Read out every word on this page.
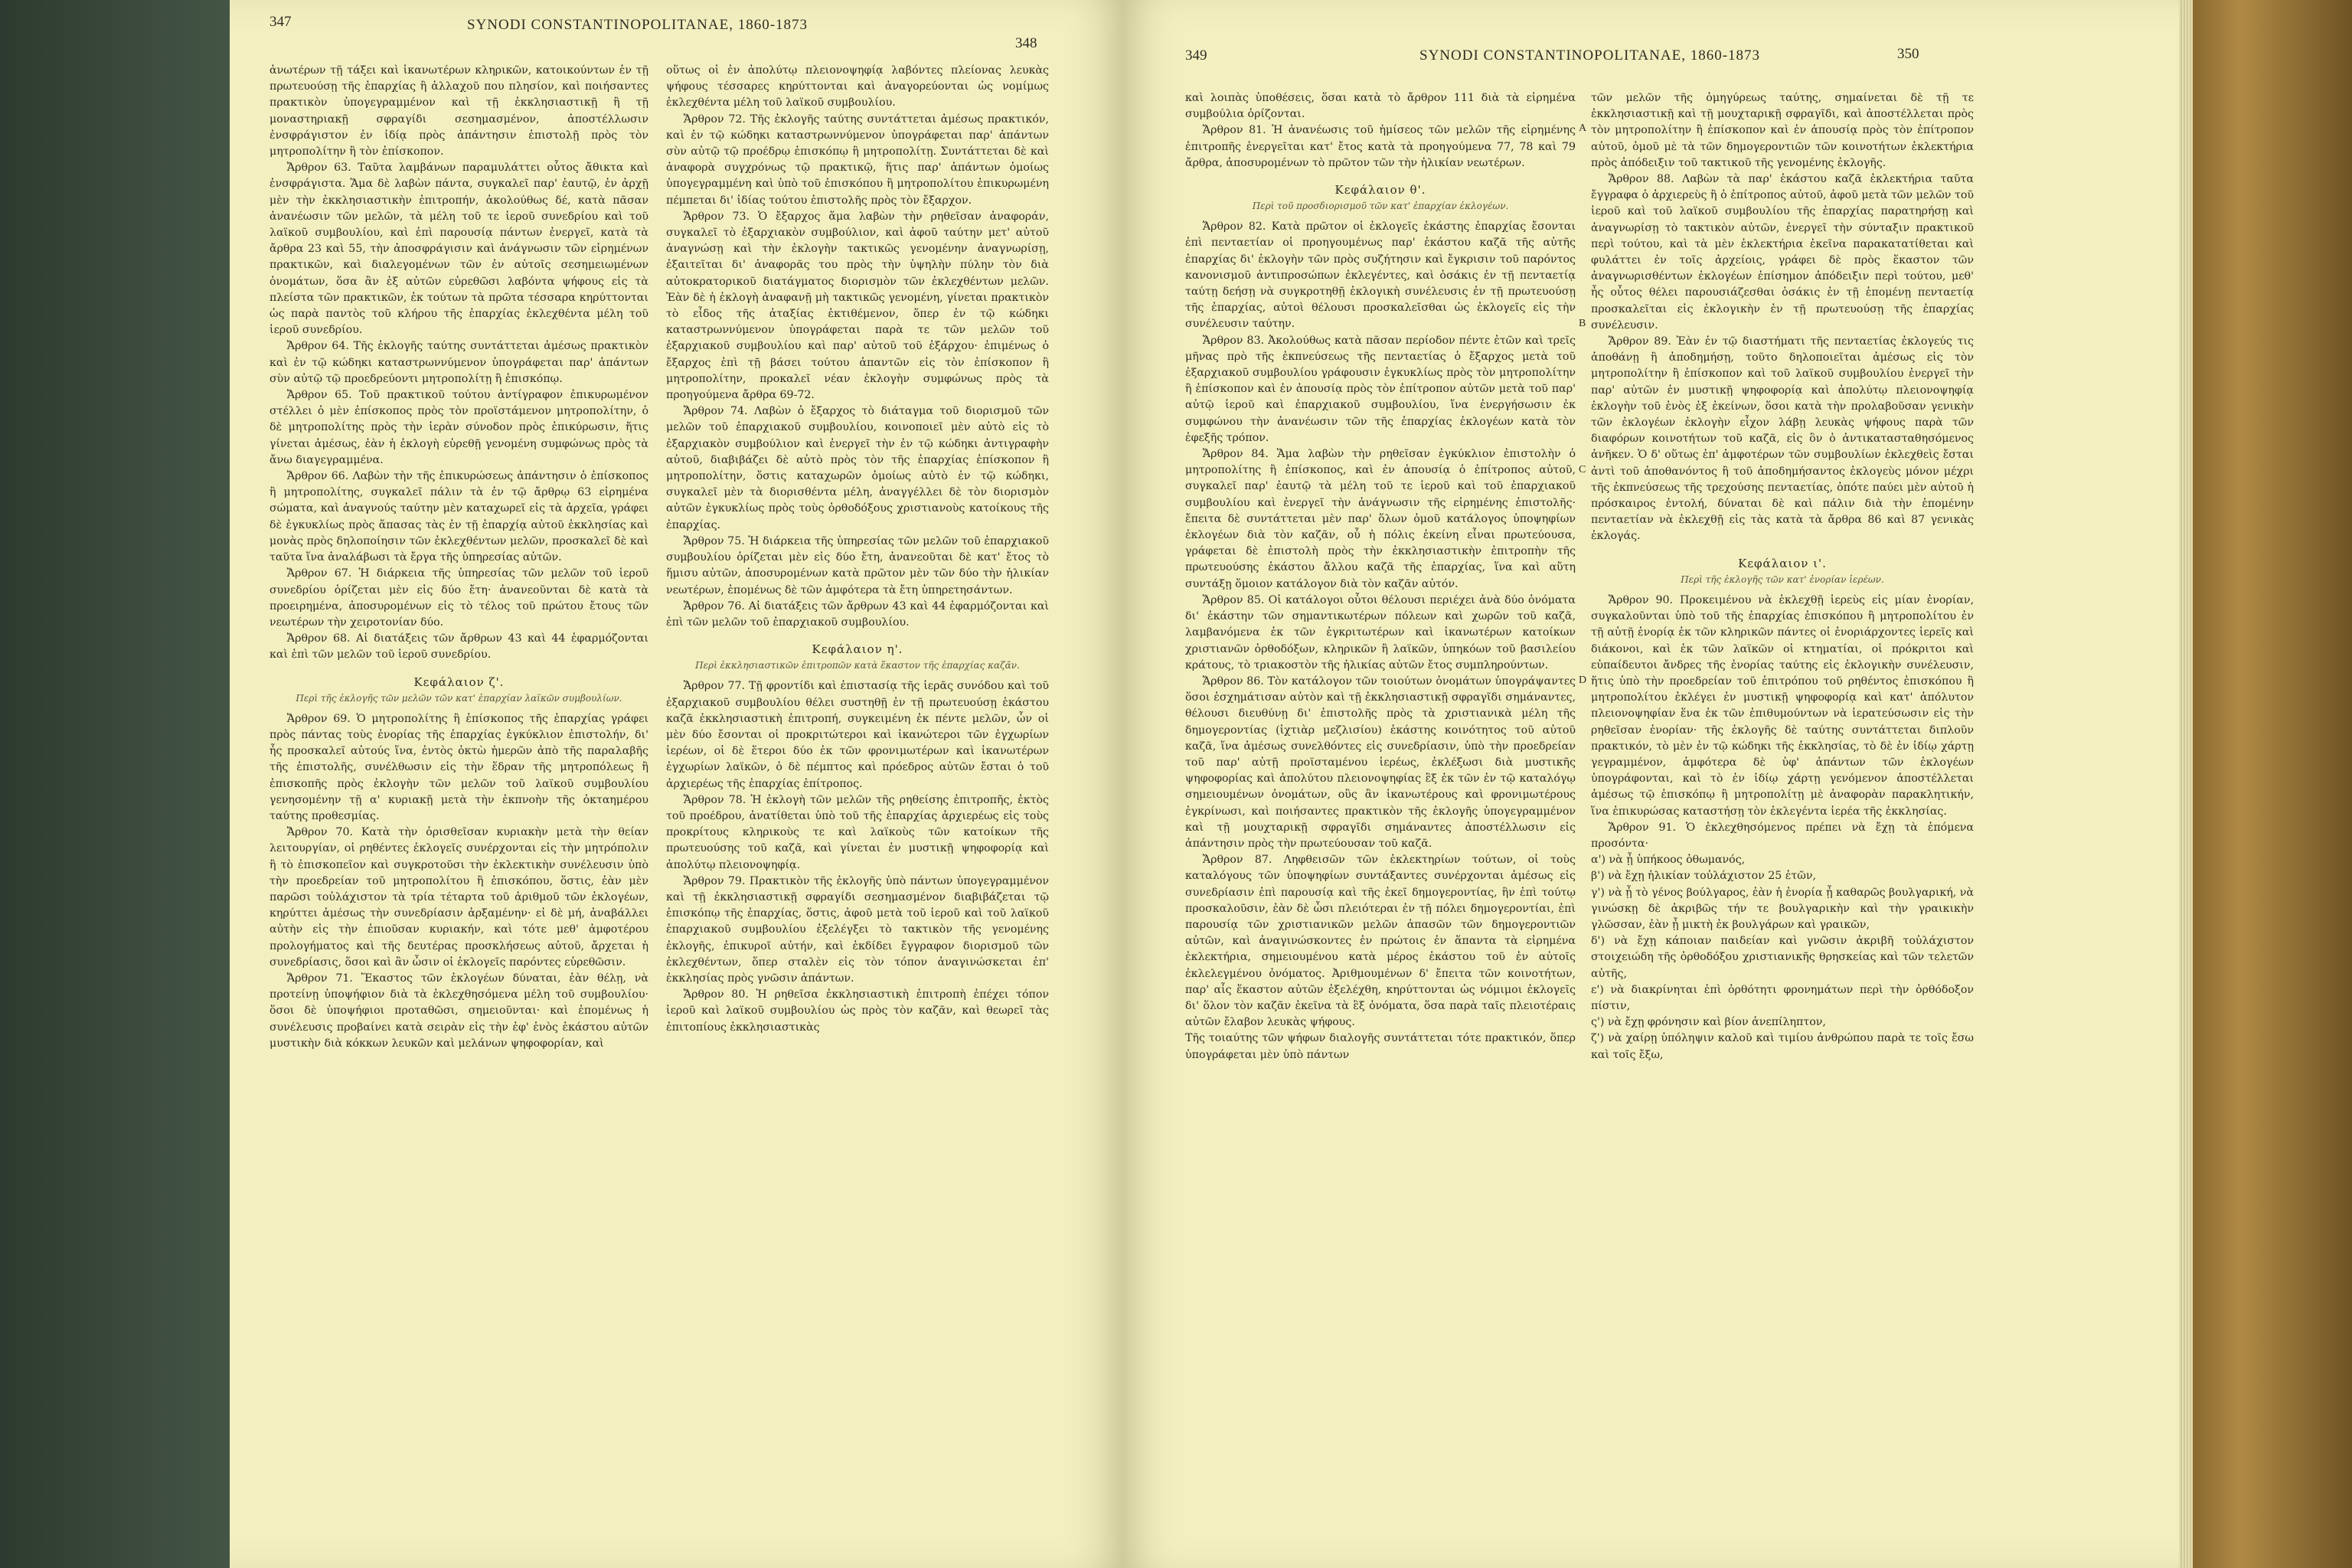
347	SYNODI CONSTANTINOPOLITANAE, 1860-1873
348

ἀνωτέρων τῇ τάξει καὶ ἱκανωτέρων κληρικῶν, κατοικούντων ἐν τῇ πρωτευούσῃ τῆς ἐπαρχίας ἢ ἀλλαχοῦ που πλησίον, καὶ ποιήσαντες πρακτικὸν ὑπογεγραμμένον καὶ τῇ ἐκκλησιαστικῇ ἢ τῇ μοναστηριακῇ σφραγίδι σεσημασμένον, ἀποστέλλωσιν ἐνσφράγιστον ἐν ἰδίᾳ πρὸς ἀπάντησιν ἐπιστολῇ πρὸς τὸν μητροπολίτην ἢ τὸν ἐπίσκοπον.

Ἄρθρον 63. Ταῦτα λαμβάνων παραμυλάττει οὗτος ἄθικτα καὶ ἐνσφράγιστα. Ἅμα δὲ λαβὼν πάντα, συγκαλεῖ παρ' ἑαυτῷ, ἐν ἀρχῇ μὲν τὴν ἐκκλησιαστικὴν ἐπιτροπήν, ἀκολούθως δέ, κατὰ πᾶσαν ἀνανέωσιν τῶν μελῶν, τὰ μέλη τοῦ τε ἱεροῦ συνεδρίου καὶ τοῦ λαϊκοῦ συμβουλίου, καὶ ἐπὶ παρουσίᾳ πάντων ἐνεργεῖ, κατὰ τὰ ἄρθρα 23 καὶ 55, τὴν ἀποσφράγισιν καὶ ἀνάγνωσιν τῶν εἰρημένων πρακτικῶν, καὶ διαλεγομένων τῶν ἐν αὐτοῖς σεσημειωμένων ὀνομάτων, ὅσα ἂν ἐξ αὐτῶν εὐρεθῶσι λαβόντα ψήφους εἰς τὰ πλείστα τῶν πρακτικῶν, ἐκ τούτων τὰ πρῶτα τέσσαρα κηρύττονται ὡς παρὰ παντὸς τοῦ κλήρου τῆς ἐπαρχίας ἐκλεχθέντα μέλη τοῦ ἱεροῦ συνεδρίου.

Ἄρθρον 64. Τῆς ἐκλογῆς ταύτης συντάττεται ἀμέσως πρακτικὸν καὶ ἐν τῷ κώδηκι καταστρωννύμενον ὑπογράφεται παρ' ἁπάντων σὺν αὐτῷ τῷ προεδρεύοντι μητροπολίτῃ ἢ ἐπισκόπῳ.

Ἄρθρον 65. Τοῦ πρακτικοῦ τούτου ἀντίγραφον ἐπικυρωμένον στέλλει ὁ μὲν ἐπίσκοπος πρὸς τὸν προϊστάμενον μητροπολίτην, ὁ δὲ μητροπολίτης πρὸς τὴν ἱερὰν σύνοδον πρὸς ἐπικύρωσιν, ἥτις γίνεται ἀμέσως, ἐὰν ἡ ἐκλογὴ εὑρεθῇ γενομένη συμφώνως πρὸς τὰ ἄνω διαγεγραμμένα.

Ἄρθρον 66. Λαβὼν τὴν τῆς ἐπικυρώσεως ἀπάντησιν ὁ ἐπίσκοπος ἢ μητροπολίτης, συγκαλεῖ πάλιν τὰ ἐν τῷ ἄρθρῳ 63 εἰρημένα σώματα, καὶ ἀναγνούς ταύτην μὲν καταχωρεῖ εἰς τὰ ἀρχεῖα, γράφει δὲ ἐγκυκλίως πρὸς ἅπασας τὰς ἐν τῇ ἐπαρχίᾳ αὐτοῦ ἐκκλησίας καὶ μονὰς πρὸς δηλοποίησιν τῶν ἐκλεχθέντων μελῶν, προσκαλεῖ δὲ καὶ ταῦτα ἵνα ἀναλάβωσι τὰ ἔργα τῆς ὑπηρεσίας αὐτῶν.

Ἄρθρον 67. Ἡ διάρκεια τῆς ὑπηρεσίας τῶν μελῶν τοῦ ἱεροῦ συνεδρίου ὁρίζεται μὲν εἰς δύο ἔτη· ἀνανεοῦνται δὲ κατὰ τὰ προειρημένα, ἀποσυρομένων εἰς τὸ τέλος τοῦ πρώτου ἔτους τῶν νεωτέρων τὴν χειροτονίαν δύο.

Ἄρθρον 68. Αἱ διατάξεις τῶν ἄρθρων 43 καὶ 44 ἐφαρμόζονται καὶ ἐπὶ τῶν μελῶν τοῦ ἱεροῦ συνεδρίου.

Κεφάλαιον ζ'.
Περὶ τῆς ἐκλογῆς τῶν μελῶν τῶν κατ' ἐπαρχίαν λαϊκῶν συμβουλίων.

Ἄρθρον 69. Ὁ μητροπολίτης ἢ ἐπίσκοπος τῆς ἐπαρχίας γράφει πρὸς πάντας τοὺς ἐνορίας τῆς ἐπαρχίας ἐγκύκλιον ἐπιστολήν, δι' ἧς προσκαλεῖ αὐτούς ἵνα, ἐντὸς ὀκτὼ ἡμερῶν ἀπὸ τῆς παραλαβῆς τῆς ἐπιστολῆς, συνέλθωσιν εἰς τὴν ἕδραν τῆς μητροπόλεως ἢ ἐπισκοπῆς πρὸς ἐκλογὴν τῶν μελῶν τοῦ λαϊκοῦ συμβουλίου γενησομένην τῇ α' κυριακῇ μετὰ τὴν ἐκπνοὴν τῆς ὀκταημέρου ταύτης προθεσμίας.

Ἄρθρον 70. Κατὰ τὴν ὁρισθεῖσαν κυριακὴν μετὰ τὴν θείαν λειτουργίαν, οἱ ρηθέντες ἐκλογεῖς συνέρχονται εἰς τὴν μητρόπολιν ἢ τὸ ἐπισκοπεῖον καὶ συγκροτοῦσι τὴν ἐκλεκτικὴν συνέλευσιν ὑπὸ τὴν προεδρείαν τοῦ μητροπολίτου ἢ ἐπισκόπου, ὅστις, ἐὰν μὲν παρῶσι τοὐλάχιστον τὰ τρία τέταρτα τοῦ ἀριθμοῦ τῶν ἐκλογέων, κηρύττει ἀμέσως τὴν συνεδρίασιν ἀρξαμένην· εἰ δὲ μή, ἀναβάλλει αὐτὴν εἰς τὴν ἐπιοῦσαν κυριακήν, καὶ τότε μεθ' ἀμφοτέρου προλογήματος καὶ τῆς δευτέρας προσκλήσεως αὐτοῦ, ἄρχεται ἡ συνεδρίασις, ὅσοι καὶ ἂν ὦσιν οἱ ἐκλογεῖς παρόντες εὑρεθῶσιν.

Ἄρθρον 71. Ἕκαστος τῶν ἐκλογέων δύναται, ἐὰν θέλῃ, νὰ προτείνῃ ὑποψήφιον διὰ τὰ ἐκλεχθησόμενα μέλη τοῦ συμβουλίου· ὅσοι δὲ ὑποψήφιοι προταθῶσι, σημειοῦνται· καὶ ἐπομένως ἡ συνέλευσις προβαίνει κατὰ σειρὰν εἰς τὴν ἐφ' ἑνὸς ἑκάστου αὐτῶν μυστικὴν διὰ κόκκων λευκῶν καὶ μελάνων ψηφοφορίαν, καὶ

οὕτως οἱ ἐν ἀπολύτῳ πλειονοψηφίᾳ λαβόντες πλείονας λευκὰς ψήφους τέσσαρες κηρύττονται καὶ ἀναγορεύονται ὡς νομίμως ἐκλεχθέντα μέλη τοῦ λαϊκοῦ συμβουλίου.

Ἄρθρον 72. Τῆς ἐκλογῆς ταύτης συντάττεται ἀμέσως πρακτικόν, καὶ ἐν τῷ κώδηκι καταστρωννύμενον ὑπογράφεται παρ' ἁπάντων σὺν αὐτῷ τῷ προέδρῳ ἐπισκόπῳ ἢ μητροπολίτῃ. Συντάττεται δὲ καὶ ἀναφορὰ συγχρόνως τῷ πρακτικῷ, ἥτις παρ' ἁπάντων ὁμοίως ὑπογεγραμμένη καὶ ὑπὸ τοῦ ἐπισκόπου ἢ μητροπολίτου ἐπικυρωμένη πέμπεται δι' ἰδίας τούτου ἐπιστολῆς πρὸς τὸν ἔξαρχον.

Ἄρθρον 73. Ὁ ἔξαρχος ἅμα λαβὼν τὴν ρηθεῖσαν ἀναφοράν, συγκαλεῖ τὸ ἐξαρχιακὸν συμβούλιον, καὶ ἀφοῦ ταύτην μετ' αὐτοῦ ἀναγνώσῃ καὶ τὴν ἐκλογὴν τακτικῶς γενομένην ἀναγνωρίσῃ, ἐξαιτεῖται δι' ἀναφορᾶς του πρὸς τὴν ὑψηλὴν πύλην τὸν διὰ αὐτοκρατορικοῦ διατάγματος διορισμὸν τῶν ἐκλεχθέντων μελῶν. Ἐὰν δὲ ἡ ἐκλογὴ ἀναφανῇ μὴ τακτικῶς γενομένη, γίνεται πρακτικὸν τὸ εἶδος τῆς ἀταξίας ἐκτιθέμενον, ὅπερ ἐν τῷ κώδηκι καταστρωννύμενον ὑπογράφεται παρὰ τε τῶν μελῶν τοῦ ἐξαρχιακοῦ συμβουλίου καὶ παρ' αὐτοῦ τοῦ ἐξάρχου· ἐπιμένως ὁ ἔξαρχος ἐπὶ τῇ βάσει τούτου ἀπαντῶν εἰς τὸν ἐπίσκοπον ἢ μητροπολίτην, προκαλεῖ νέαν ἐκλογὴν συμφώνως πρὸς τὰ προηγούμενα ἄρθρα 69-72.

Ἄρθρον 74. Λαβὼν ὁ ἔξαρχος τὸ διάταγμα τοῦ διορισμοῦ τῶν μελῶν τοῦ ἐπαρχιακοῦ συμβουλίου, κοινοποιεῖ μὲν αὐτὸ εἰς τὸ ἐξαρχιακὸν συμβούλιον καὶ ἐνεργεῖ τὴν ἐν τῷ κώδηκι ἀντιγραφὴν αὐτοῦ, διαβιβάζει δὲ αὐτὸ πρὸς τὸν τῆς ἐπαρχίας ἐπίσκοπον ἢ μητροπολίτην, ὅστις καταχωρῶν ὁμοίως αὐτὸ ἐν τῷ κώδηκι, συγκαλεῖ μὲν τὰ διορισθέντα μέλη, ἀναγγέλλει δὲ τὸν διορισμὸν αὐτῶν ἐγκυκλίως πρὸς τοὺς ὀρθοδόξους χριστιανοὺς κατοίκους τῆς ἐπαρχίας.

Ἄρθρον 75. Ἡ διάρκεια τῆς ὑπηρεσίας τῶν μελῶν τοῦ ἐπαρχιακοῦ συμβουλίου ὁρίζεται μὲν εἰς δύο ἔτη, ἀνανεοῦται δὲ κατ' ἔτος τὸ ἥμισυ αὐτῶν, ἀποσυρομένων κατὰ πρῶτον μὲν τῶν δύο τὴν ἡλικίαν νεωτέρων, ἐπομένως δὲ τῶν ἀμφότερα τὰ ἔτη ὑπηρετησάντων.

Ἄρθρον 76. Αἱ διατάξεις τῶν ἄρθρων 43 καὶ 44 ἐφαρμόζονται καὶ ἐπὶ τῶν μελῶν τοῦ ἐπαρχιακοῦ συμβουλίου.

Κεφάλαιον η'.
Περὶ ἐκκλησιαστικῶν ἐπιτροπῶν κατὰ ἕκαστον τῆς ἐπαρχίας καζᾶν.

Ἄρθρον 77. Τῇ φροντίδι καὶ ἐπιστασίᾳ τῆς ἱερᾶς συνόδου καὶ τοῦ ἐξαρχιακοῦ συμβουλίου θέλει συστηθῇ ἐν τῇ πρωτευούσῃ ἑκάστου καζᾶ ἐκκλησιαστικὴ ἐπιτροπή, συγκειμένη ἐκ πέντε μελῶν, ὧν οἱ μὲν δύο ἔσονται οἱ προκριτώτεροι καὶ ἱκανώτεροι τῶν ἐγχωρίων ἱερέων, οἱ δὲ ἕτεροι δύο ἐκ τῶν φρονιμωτέρων καὶ ἱκανωτέρων ἐγχωρίων λαϊκῶν, ὁ δὲ πέμπτος καὶ πρόεδρος αὐτῶν ἔσται ὁ τοῦ ἀρχιερέως τῆς ἐπαρχίας ἐπίτροπος.

Ἄρθρον 78. Ἡ ἐκλογὴ τῶν μελῶν τῆς ρηθείσης ἐπιτροπῆς, ἐκτὸς τοῦ προέδρου, ἀνατίθεται ὑπὸ τοῦ τῆς ἐπαρχίας ἀρχιερέως εἰς τοὺς προκρίτους κληρικοὺς τε καὶ λαϊκοὺς τῶν κατοίκων τῆς πρωτευούσης τοῦ καζᾶ, καὶ γίνεται ἐν μυστικῇ ψηφοφορίᾳ καὶ ἀπολύτῳ πλειονοψηφίᾳ.

Ἄρθρον 79. Πρακτικὸν τῆς ἐκλογῆς ὑπὸ πάντων ὑπογεγραμμένον καὶ τῇ ἐκκλησιαστικῇ σφραγίδι σεσημασμένον διαβιβάζεται τῷ ἐπισκόπῳ τῆς ἐπαρχίας, ὅστις, ἀφοῦ μετὰ τοῦ ἱεροῦ καὶ τοῦ λαϊκοῦ ἐπαρχιακοῦ συμβουλίου ἐξελέγξει τὸ τακτικὸν τῆς γενομένης ἐκλογῆς, ἐπικυροῖ αὐτήν, καὶ ἐκδίδει ἔγγραφον διορισμοῦ τῶν ἐκλεχθέντων, ὅπερ σταλὲν εἰς τὸν τόπον ἀναγινώσκεται ἐπ' ἐκκλησίας πρὸς γνῶσιν ἁπάντων.

Ἄρθρον 80. Ἡ ρηθεῖσα ἐκκλησιαστικὴ ἐπιτροπὴ ἐπέχει τόπον ἱεροῦ καὶ λαϊκοῦ συμβουλίου ὡς πρὸς τὸν καζᾶν, καὶ θεωρεῖ τὰς ἐπιτοπίους ἐκκλησιαστικὰς

349	SYNODI CONSTANTINOPOLITANAE, 1860-1873	350

καὶ λοιπὰς ὑποθέσεις, ὅσαι κατὰ τὸ ἄρθρον 111 διὰ τὰ εἰρημένα συμβούλια ὁρίζονται.

Ἄρθρον 81. Ἡ ἀνανέωσις τοῦ ἡμίσεος τῶν μελῶν τῆς εἰρημένης ἐπιτροπῆς ἐνεργεῖται κατ' ἔτος κατὰ τὰ προηγούμενα 77, 78 καὶ 79 ἄρθρα, ἀποσυρομένων τὸ πρῶτον τῶν τὴν ἡλικίαν νεωτέρων.

Κεφάλαιον θ'.
Περὶ τοῦ προσδιορισμοῦ τῶν κατ' ἐπαρχίαν ἐκλογέων.

Ἄρθρον 82. Κατὰ πρῶτον οἱ ἐκλογεῖς ἑκάστης ἐπαρχίας ἔσονται ἐπὶ πενταετίαν οἱ προηγουμένως παρ' ἑκάστου καζᾶ τῆς αὐτῆς ἐπαρχίας δι' ἐκλογὴν τῶν πρὸς συζήτησιν καὶ ἔγκρισιν τοῦ παρόντος κανονισμοῦ ἀντιπροσώπων ἐκλεγέντες, καὶ ὁσάκις ἐν τῇ πενταετίᾳ ταύτῃ δεήσῃ νὰ συγκροτηθῇ ἐκλογικὴ συνέλευσις ἐν τῇ πρωτευούσῃ τῆς ἐπαρχίας, αὐτοὶ θέλουσι προσκαλεῖσθαι ὡς ἐκλογεῖς εἰς τὴν συνέλευσιν ταύτην.

Ἄρθρον 83. Ἀκολούθως κατὰ πᾶσαν περίοδον πέντε ἐτῶν καὶ τρεῖς μῆνας πρὸ τῆς ἐκπνεύσεως τῆς πενταετίας ὁ ἔξαρχος μετὰ τοῦ ἐξαρχιακοῦ συμβουλίου γράφουσιν ἐγκυκλίως πρὸς τὸν μητροπολίτην ἢ ἐπίσκοπον καὶ ἐν ἀπουσίᾳ πρὸς τὸν ἐπίτροπον αὐτῶν μετὰ τοῦ παρ' αὐτῷ ἱεροῦ καὶ ἐπαρχιακοῦ συμβουλίου, ἵνα ἐνεργήσωσιν ἐκ συμφώνου τὴν ἀνανέωσιν τῶν τῆς ἐπαρχίας ἐκλογέων κατὰ τὸν ἐφεξῆς τρόπον.

Ἄρθρον 84. Ἅμα λαβὼν τὴν ρηθεῖσαν ἐγκύκλιον ἐπιστολὴν ὁ μητροπολίτης ἢ ἐπίσκοπος, καὶ ἐν ἀπουσίᾳ ὁ ἐπίτροπος αὐτοῦ, συγκαλεῖ παρ' ἑαυτῷ τὰ μέλη τοῦ τε ἱεροῦ καὶ τοῦ ἐπαρχιακοῦ συμβουλίου καὶ ἐνεργεῖ τὴν ἀνάγνωσιν τῆς εἰρημένης ἐπιστολῆς· ἔπειτα δὲ συντάττεται μὲν παρ' ὅλων ὁμοῦ κατάλογος ὑποψηφίων ἐκλογέων διὰ τὸν καζᾶν, οὗ ἡ πόλις ἐκείνη εἶναι πρωτεύουσα, γράφεται δὲ ἐπιστολὴ πρὸς τὴν ἐκκλησιαστικὴν ἐπιτροπὴν τῆς πρωτευούσης ἑκάστου ἄλλου καζᾶ τῆς ἐπαρχίας, ἵνα καὶ αὕτη συντάξῃ ὅμοιον κατάλογον διὰ τὸν καζᾶν αὐτόν.

Ἄρθρον 85. Οἱ κατάλογοι οὗτοι θέλουσι περιέχει ἀνὰ δύο ὀνόματα δι' ἑκάστην τῶν σημαντικωτέρων πόλεων καὶ χωρῶν τοῦ καζᾶ, λαμβανόμενα ἐκ τῶν ἐγκριτωτέρων καὶ ἱκανωτέρων κατοίκων χριστιανῶν ὀρθοδόξων, κληρικῶν ἢ λαϊκῶν, ὑπηκόων τοῦ βασιλείου κράτους, τὸ τριακοστὸν τῆς ἡλικίας αὐτῶν ἔτος συμπληρούντων.

Ἄρθρον 86. Τὸν κατάλογον τῶν τοιούτων ὀνομάτων ὑπογράψαντες ὅσοι ἐσχημάτισαν αὐτὸν καὶ τῇ ἐκκλησιαστικῇ σφραγῖδι σημάναντες, θέλουσι διευθύνῃ δι' ἐπιστολῆς πρὸς τὰ χριστιανικὰ μέλη τῆς δημογεροντίας (ἰχτιὰρ μεζλισίου) ἑκάστης κοινότητος τοῦ αὐτοῦ καζᾶ, ἵνα ἀμέσως συνελθόντες εἰς συνεδρίασιν, ὑπὸ τὴν προεδρείαν τοῦ παρ' αὐτῇ προϊσταμένου ἱερέως, ἐκλέξωσι διὰ μυστικῆς ψηφοφορίας καὶ ἀπολύτου πλειονοψηφίας ἓξ ἐκ τῶν ἐν τῷ καταλόγῳ σημειουμένων ὀνομάτων, οὓς ἂν ἱκανωτέρους καὶ φρονιμωτέρους ἐγκρίνωσι, καὶ ποιήσαντες πρακτικὸν τῆς ἐκλογῆς ὑπογεγραμμένον καὶ τῇ μουχταρικῇ σφραγῖδι σημάναντες ἀποστέλλωσιν εἰς ἀπάντησιν πρὸς τὴν πρωτεύουσαν τοῦ καζᾶ.

Ἄρθρον 87. Ληφθεισῶν τῶν ἐκλεκτηρίων τούτων, οἱ τοὺς καταλόγους τῶν ὑποψηφίων συντάξαντες συνέρχονται ἀμέσως εἰς συνεδρίασιν ἐπὶ παρουσίᾳ καὶ τῆς ἐκεῖ δημογεροντίας, ἣν ἐπὶ τούτῳ προσκαλοῦσιν, ἐὰν δὲ ὦσι πλειότεραι ἐν τῇ πόλει δημογεροντίαι, ἐπὶ παρουσίᾳ τῶν χριστιανικῶν μελῶν ἁπασῶν τῶν δημογεροντιῶν αὐτῶν, καὶ ἀναγινώσκοντες ἐν πρώτοις ἐν ἅπαντα τὰ εἰρημένα ἐκλεκτήρια, σημειουμένου κατὰ μέρος ἑκάστου τοῦ ἐν αὐτοῖς ἐκλελεγμένου ὀνόματος. Ἀριθμουμένων δ' ἔπειτα τῶν κοινοτήτων, παρ' αἷς ἕκαστον αὐτῶν ἐξελέχθη, κηρύττονται ὡς νόμιμοι ἐκλογεῖς δι' ὅλον τὸν καζᾶν ἐκεῖνα τὰ ἓξ ὀνόματα, ὅσα παρὰ ταῖς πλειοτέραις αὐτῶν ἔλαβον λευκὰς ψήφους.

Τῆς τοιαύτης τῶν ψήφων διαλογῆς συντάττεται τότε πρακτικόν, ὅπερ ὑπογράφεται μὲν ὑπὸ πάντων

τῶν μελῶν τῆς ὁμηγύρεως ταύτης, σημαίνεται δὲ τῇ τε ἐκκλησιαστικῇ καὶ τῇ μουχταρικῇ σφραγῖδι, καὶ ἀποστέλλεται πρὸς τὸν μητροπολίτην ἢ ἐπίσκοπον καὶ ἐν ἀπουσίᾳ πρὸς τὸν ἐπίτροπον αὐτοῦ, ὁμοῦ μὲ τὰ τῶν δημογεροντιῶν τῶν κοινοτήτων ἐκλεκτήρια πρὸς ἀπόδειξιν τοῦ τακτικοῦ τῆς γενομένης ἐκλογῆς.

Ἄρθρον 88. Λαβὼν τὰ παρ' ἑκάστου καζᾶ ἐκλεκτήρια ταῦτα ἔγγραφα ὁ ἀρχιερεὺς ἢ ὁ ἐπίτροπος αὐτοῦ, ἀφοῦ μετὰ τῶν μελῶν τοῦ ἱεροῦ καὶ τοῦ λαϊκοῦ συμβουλίου τῆς ἐπαρχίας παρατηρήσῃ καὶ ἀναγνωρίσῃ τὸ τακτικὸν αὐτῶν, ἐνεργεῖ τὴν σύνταξιν πρακτικοῦ περὶ τούτου, καὶ τὰ μὲν ἐκλεκτήρια ἐκεῖνα παρακατατίθεται καὶ φυλάττει ἐν τοῖς ἀρχείοις, γράφει δὲ πρὸς ἕκαστον τῶν ἀναγνωρισθέντων ἐκλογέων ἐπίσημον ἀπόδειξιν περὶ τούτου, μεθ' ἧς οὗτος θέλει παρουσιάζεσθαι ὁσάκις ἐν τῇ ἑπομένῃ πενταετίᾳ προσκαλεῖται εἰς ἐκλογικὴν ἐν τῇ πρωτευούσῃ τῆς ἐπαρχίας συνέλευσιν.

Ἄρθρον 89. Ἐὰν ἐν τῷ διαστήματι τῆς πενταετίας ἐκλογεύς τις ἀποθάνῃ ἢ ἀποδημήσῃ, τοῦτο δηλοποιεῖται ἀμέσως εἰς τὸν μητροπολίτην ἢ ἐπίσκοπον καὶ τοῦ λαϊκοῦ συμβουλίου ἐνεργεῖ τὴν παρ' αὐτῶν ἐν μυστικῇ ψηφοφορίᾳ καὶ ἀπολύτῳ πλειονοψηφίᾳ ἐκλογὴν τοῦ ἑνὸς ἐξ ἐκείνων, ὅσοι κατὰ τὴν προλαβοῦσαν γενικὴν τῶν ἐκλογέων ἐκλογὴν εἶχον λάβῃ λευκὰς ψήφους παρὰ τῶν διαφόρων κοινοτήτων τοῦ καζᾶ, εἰς ὃν ὁ ἀντικατασταθησόμενος ἀνῆκεν. Ὁ δ' οὕτως ἐπ' ἀμφοτέρων τῶν συμβουλίων ἐκλεχθεὶς ἔσται ἀντὶ τοῦ ἀποθανόντος ἢ τοῦ ἀποδημήσαντος ἐκλογεὺς μόνον μέχρι τῆς ἐκπνεύσεως τῆς τρεχούσης πενταετίας, ὁπότε παύει μὲν αὐτοῦ ἡ πρόσκαιρος ἐντολή, δύναται δὲ καὶ πάλιν διὰ τὴν ἑπομένην πενταετίαν νὰ ἐκλεχθῇ εἰς τὰς κατὰ τὰ ἄρθρα 86 καὶ 87 γενικὰς ἐκλογάς.

Κεφάλαιον ι'.
Περὶ τῆς ἐκλογῆς τῶν κατ' ἐνορίαν ἱερέων.

Ἄρθρον 90. Προκειμένου νὰ ἐκλεχθῇ ἱερεὺς εἰς μίαν ἐνορίαν, συγκαλοῦνται ὑπὸ τοῦ τῆς ἐπαρχίας ἐπισκόπου ἢ μητροπολίτου ἐν τῇ αὐτῇ ἐνορίᾳ ἐκ τῶν κληρικῶν πάντες οἱ ἐνοριάρχοντες ἱερεῖς καὶ διάκονοι, καὶ ἐκ τῶν λαϊκῶν οἱ κτηματίαι, οἱ πρόκριτοι καὶ εὐπαίδευτοι ἄνδρες τῆς ἐνορίας ταύτης εἰς ἐκλογικὴν συνέλευσιν, ἥτις ὑπὸ τὴν προεδρείαν τοῦ ἐπιτρόπου τοῦ ρηθέντος ἐπισκόπου ἢ μητροπολίτου ἐκλέγει ἐν μυστικῇ ψηφοφορίᾳ καὶ κατ' ἀπόλυτον πλειονοψηφίαν ἕνα ἐκ τῶν ἐπιθυμούντων νὰ ἱερατεύσωσιν εἰς τὴν ρηθεῖσαν ἐνορίαν· τῆς ἐκλογῆς δὲ ταύτης συντάττεται διπλοῦν πρακτικόν, τὸ μὲν ἐν τῷ κώδηκι τῆς ἐκκλησίας, τὸ δὲ ἐν ἰδίῳ χάρτῃ γεγραμμένον, ἀμφότερα δὲ ὑφ' ἁπάντων τῶν ἐκλογέων ὑπογράφονται, καὶ τὸ ἐν ἰδίῳ χάρτῃ γενόμενον ἀποστέλλεται ἀμέσως τῷ ἐπισκόπῳ ἢ μητροπολίτῃ μὲ ἀναφορὰν παρακλητικήν, ἵνα ἐπικυρώσας καταστήσῃ τὸν ἐκλεγέντα ἱερέα τῆς ἐκκλησίας.

Ἄρθρον 91. Ὁ ἐκλεχθησόμενος πρέπει νὰ ἔχῃ τὰ ἑπόμενα προσόντα·

α') νὰ ᾖ ὑπήκοος ὀθωμανός,

β') νὰ ἔχῃ ἡλικίαν τοὐλάχιστον 25 ἐτῶν,

γ') νὰ ᾖ τὸ γένος βούλγαρος, ἐὰν ἡ ἐνορία ᾖ καθαρῶς βουλγαρική, νὰ γινώσκῃ δὲ ἀκριβῶς τήν τε βουλγαρικὴν καὶ τὴν γραικικὴν γλῶσσαν, ἐὰν ᾖ μικτὴ ἐκ βουλγάρων καὶ γραικῶν,

δ') νὰ ἔχῃ κάποιαν παιδείαν καὶ γνῶσιν ἀκριβῆ τοὐλάχιστον στοιχειώδη τῆς ὀρθοδόξου χριστιανικῆς θρησκείας καὶ τῶν τελετῶν αὐτῆς,

ε') νὰ διακρίνηται ἐπὶ ὀρθότητι φρονημάτων περὶ τὴν ὀρθόδοξον πίστιν,

ς') νὰ ἔχῃ φρόνησιν καὶ βίον ἀνεπίληπτον,

ζ') νὰ χαίρῃ ὑπόληψιν καλοῦ καὶ τιμίου ἀνθρώπου παρὰ τε τοῖς ἔσω καὶ τοῖς ἔξω,

A
B
C
D
